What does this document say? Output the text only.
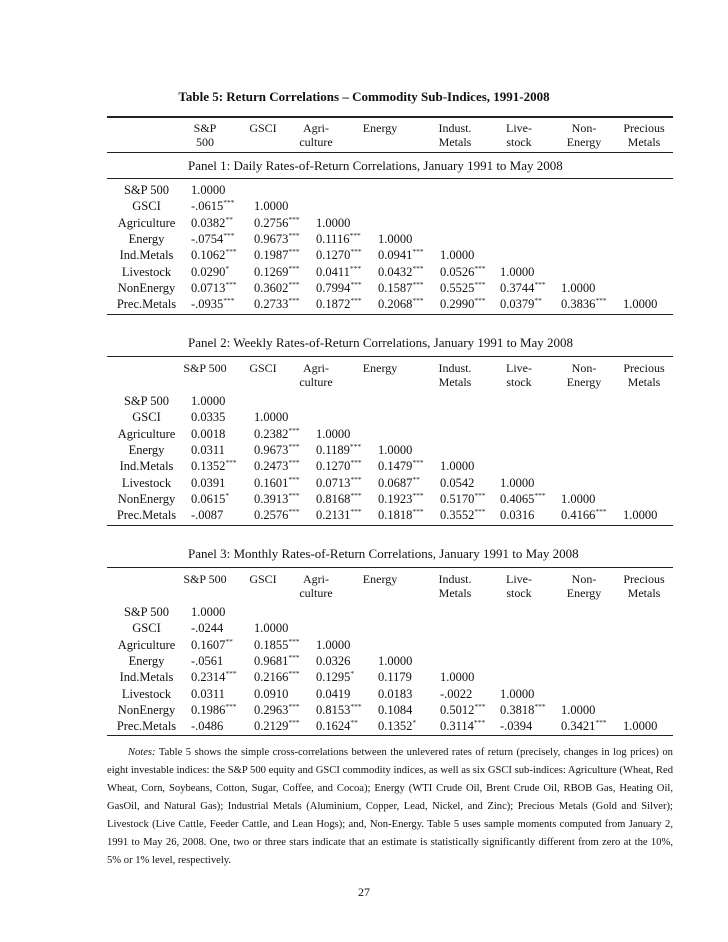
Table 5: Return Correlations – Commodity Sub-Indices, 1991-2008
Panel 1: Daily Rates-of-Return Correlations, January 1991 to May 2008
S&P
500
GSCI
	Agri-
culture
Energy
	Indust.
Metals
Live-
stock
Non-
Energy
Precious
Metals
S&P 500	1.0000
GSCI	-.0615*** 1.0000
Agriculture	0.0382** 0.2756*** 1.0000
Energy	-.0754*** 0.9673*** 0.1116*** 1.0000
Ind.Metals	0.1062*** 0.1987*** 0.1270*** 0.0941*** 1.0000
Livestock	0.0290* 0.1269*** 0.0411*** 0.0432*** 0.0526*** 1.0000
NonEnergy	0.0713*** 0.3602*** 0.7994*** 0.1587*** 0.5525*** 0.3744*** 1.0000
Prec.Metals	-.0935*** 0.2733*** 0.1872*** 0.2068*** 0.2990*** 0.0379** 0.3836*** 1.0000
Panel 2: Weekly Rates-of-Return Correlations, January 1991 to May 2008
S&P 500
	GSCI
	Agri-
culture
Energy
	Indust.
Metals
Live-
stock
Non-
Energy
Precious
Metals
S&P 500	1.0000
GSCI	0.0335 1.0000
Agriculture	0.0018 0.2382*** 1.0000
Energy	0.0311 0.9673*** 0.1189*** 1.0000
Ind.Metals	0.1352*** 0.2473*** 0.1270*** 0.1479*** 1.0000
Livestock	0.0391 0.1601*** 0.0713*** 0.0687** 0.0542 1.0000
NonEnergy	0.0615* 0.3913*** 0.8168*** 0.1923*** 0.5170*** 0.4065*** 1.0000
Prec.Metals	-.0087 0.2576*** 0.2131*** 0.1818*** 0.3552*** 0.0316 0.4166*** 1.0000
Panel 3: Monthly Rates-of-Return Correlations, January 1991 to May 2008
S&P 500
	GSCI
	Agri-
culture
Energy
	Indust.
Metals
Live-
stock
Non-
Energy
Precious
Metals
S&P 500	1.0000
GSCI	-.0244 1.0000
Agriculture	0.1607** 0.1855*** 1.0000
Energy	-.0561 0.9681*** 0.0326 1.0000
Ind.Metals	0.2314*** 0.2166*** 0.1295* 0.1179 1.0000
Livestock	0.0311 0.0910 0.0419 0.0183 -.0022 1.0000
NonEnergy	0.1986*** 0.2963*** 0.8153*** 0.1084 0.5012*** 0.3818*** 1.0000
Prec.Metals	-.0486 0.2129*** 0.1624** 0.1352* 0.3114*** -.0394 0.3421*** 1.0000
Notes: Table 5 shows the simple cross-correlations between the unlevered rates of return (precisely, changes in log prices) on eight investable indices: the S&P 500 equity and GSCI commodity indices, as well as six GSCI sub-indices: Agriculture (Wheat, Red Wheat, Corn, Soybeans, Cotton, Sugar, Coffee, and Cocoa); Energy (WTI Crude Oil, Brent Crude Oil, RBOB Gas, Heating Oil, GasOil, and Natural Gas); Industrial Metals (Aluminium, Copper, Lead, Nickel, and Zinc); Precious Metals (Gold and Silver); Livestock (Live Cattle, Feeder Cattle, and Lean Hogs); and, Non-Energy. Table 5 uses sample moments computed from January 2, 1991 to May 26, 2008. One, two or three stars indicate that an estimate is statistically significantly different from zero at the 10%, 5% or 1% level, respectively.
27
